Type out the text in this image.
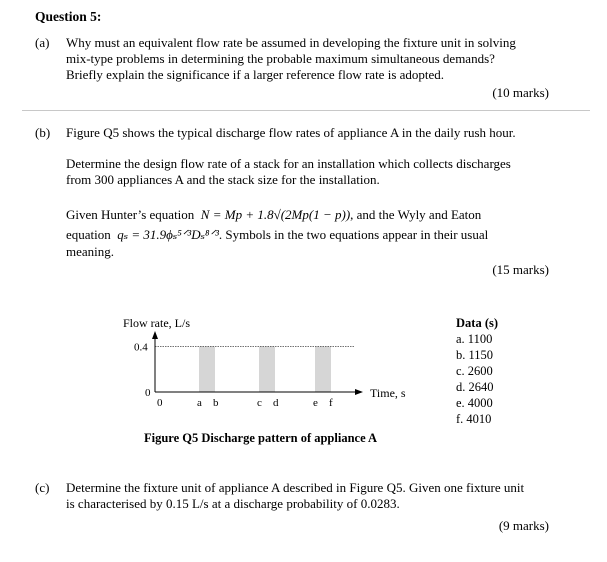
Question 5:
(a) Why must an equivalent flow rate be assumed in developing the fixture unit in solving
mix-type problems in determining the probable maximum simultaneous demands?
Briefly explain the significance if a larger reference flow rate is adopted.
(10 marks)
(b) Figure Q5 shows the typical discharge flow rates of appliance A in the daily rush hour.
Determine the design flow rate of a stack for an installation which collects discharges
from 300 appliances A and the stack size for the installation.
Given Hunter’s equation N = Mp + 1.8√(2Mp(1 − p)), and the Wyly and Eaton
equation qₛ = 31.9ϕₛ⁵ᐟ³Dₛ⁸ᐟ³. Symbols in the two equations appear in their usual
meaning.
(15 marks)
Flow rate, L/s
0
0.4
0	a b	c d	e f
Time, s
Data (s)
a. 1100
b. 1150
c. 2600
d. 2640
e. 4000
f. 4010
Figure Q5 Discharge pattern of appliance A
(c) Determine the fixture unit of appliance A described in Figure Q5. Given one fixture unit
is characterised by 0.15 L/s at a discharge probability of 0.0283.
(9 marks)
